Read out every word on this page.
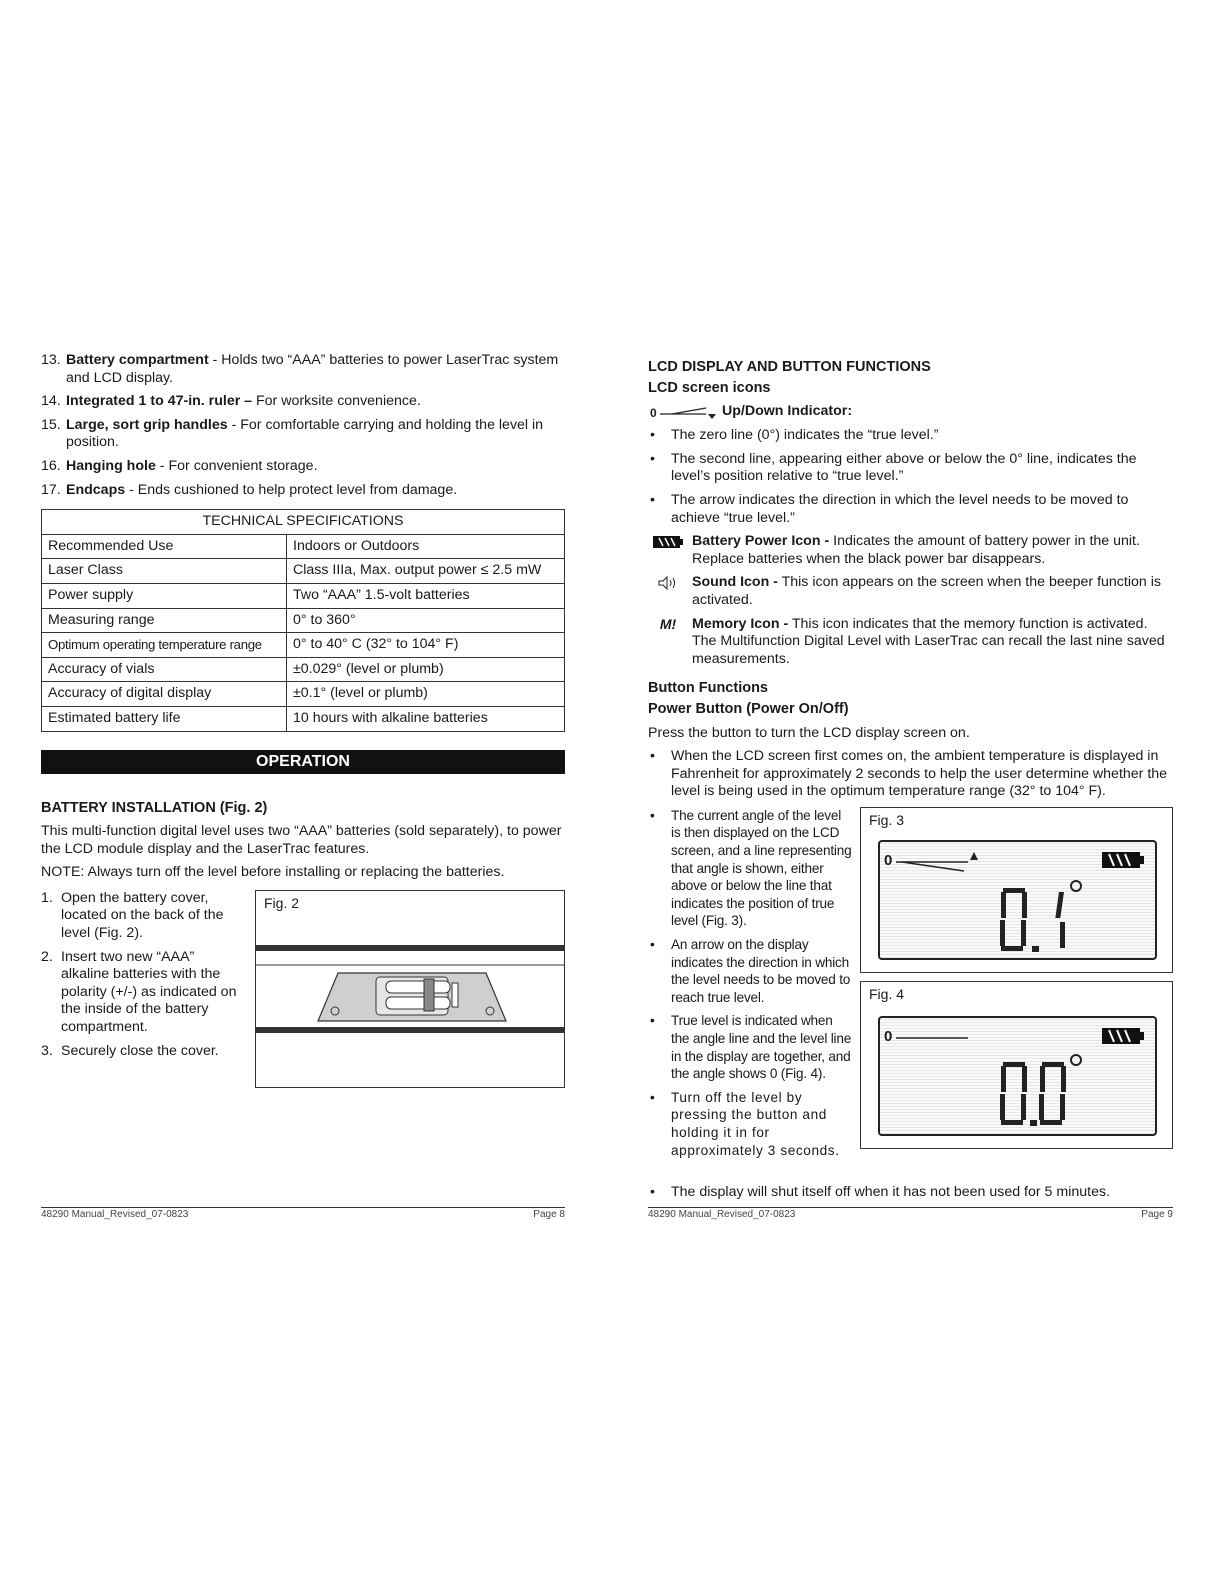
13. Battery compartment - Holds two “AAA” batteries to power LaserTrac system and LCD display.
14. Integrated 1 to 47-in. ruler – For worksite convenience.
15. Large, sort grip handles - For comfortable carrying and holding the level in position.
16. Hanging hole - For convenient storage.
17. Endcaps - Ends cushioned to help protect level from damage.
TECHNICAL SPECIFICATIONS	
Recommended Use	Indoors or Outdoors
Laser Class	Class IIIa, Max. output power ≤ 2.5 mW
Power supply	Two “AAA” 1.5-volt batteries
Measuring range	0° to 360°
Optimum operating temperature range	0° to 40° C (32° to 104° F)
Accuracy of vials	±0.029° (level or plumb)
Accuracy of digital display	±0.1° (level or plumb)
Estimated battery life	10 hours with alkaline batteries
OPERATION
BATTERY INSTALLATION (Fig. 2)

This multi-function digital level uses two “AAA” batteries (sold separately), to power the LCD module display and the LaserTrac features.

NOTE: Always turn off the level before installing or replacing the batteries.

1. Open the battery cover, located on the back of the level (Fig. 2).
2. Insert two new “AAA” alkaline batteries with the polarity (+/-) as indicated on the inside of the battery compartment.
3. Securely close the cover.
Fig. 2
48290 Manual_Revised_07-0823	Page 8
LCD DISPLAY AND BUTTON FUNCTIONS
LCD screen icons
0	Up/Down Indicator:
• The zero line (0°) indicates the “true level.”
• The second line, appearing either above or below the 0° line, indicates the level’s position relative to “true level.”
• The arrow indicates the direction in which the level needs to be moved to achieve “true level.”
Battery Power Icon - Indicates the amount of battery power in the unit. Replace batteries when the black power bar disappears.
Sound Icon - This icon appears on the screen when the beeper function is activated.
M!	Memory Icon - This icon indicates that the memory function is activated. The Multifunction Digital Level with LaserTrac can recall the last nine saved measurements.
Button Functions
Power Button (Power On/Off)

Press the button to turn the LCD display screen on.

• When the LCD screen first comes on, the ambient temperature is displayed in Fahrenheit for approximately 2 seconds to help the user determine whether the level is being used in the optimum temperature range (32° to 104° F).
• The current angle of the level is then displayed on the LCD screen, and a line representing that angle is shown, either above or below the line that indicates the position of true level (Fig. 3).
• An arrow on the display indicates the direction in which the level needs to be moved to reach true level.
• True level is indicated when the angle line and the level line in the display are together, and the angle shows 0 (Fig. 4).
• Turn off the level by pressing the button and holding it in for approximately 3 seconds.
Fig. 3
0
Fig. 4
0
• The display will shut itself off when it has not been used for 5 minutes.
48290 Manual_Revised_07-0823	Page 9
